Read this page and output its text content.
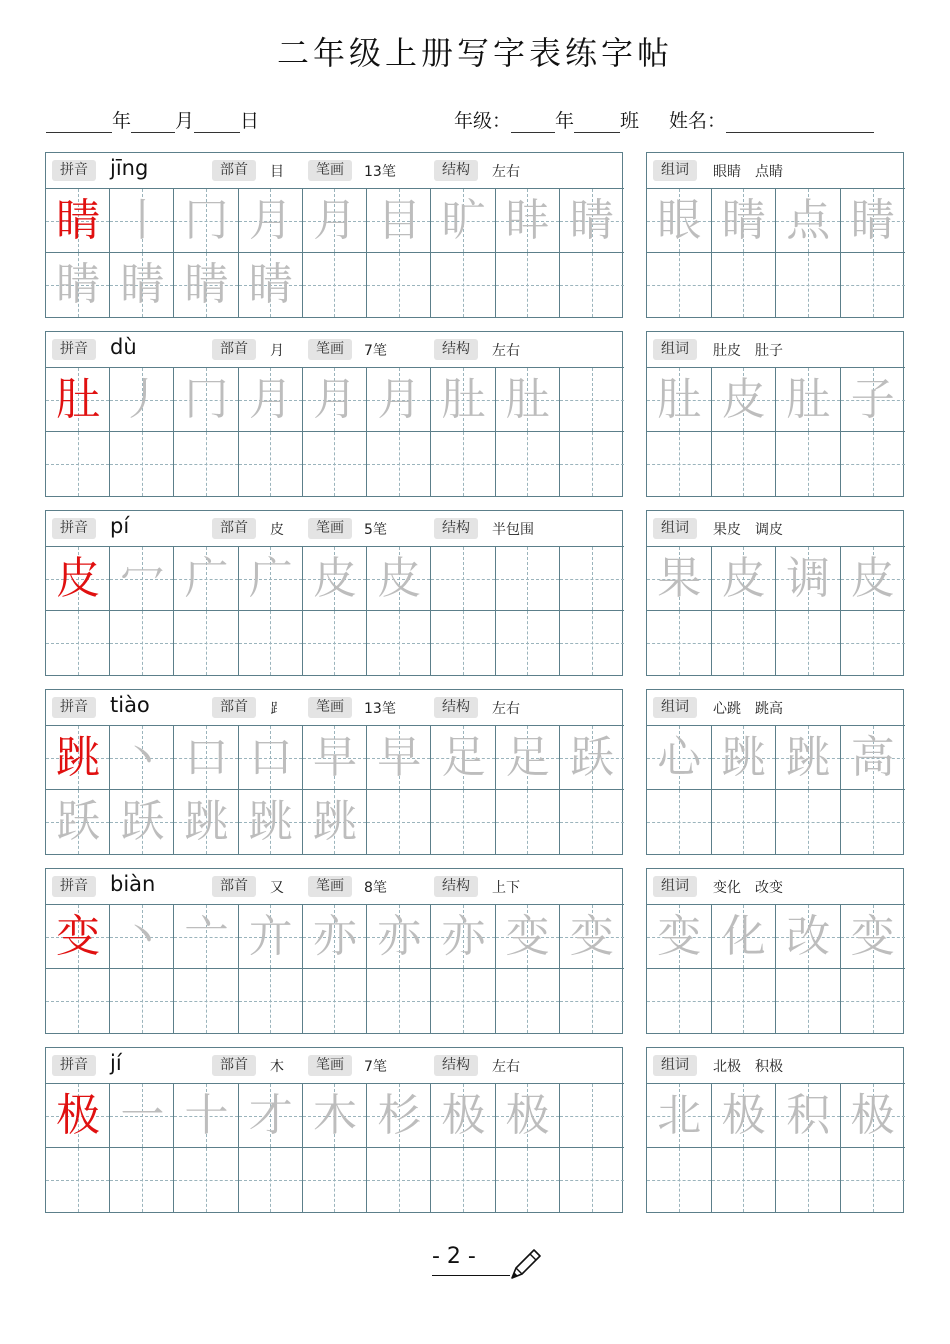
二年级上册写字表练字帖
年 月 日	年级： 年 班 姓名：
拼音	jīng	部首	目	笔画	13笔	结构	左右
睛 丨 冂 月 月 目 旷 盽 睛
睛 睛 睛 睛
组词	眼睛　点睛
眼 睛 点 睛
拼音	dù	部首	月	笔画	7笔	结构	左右
肚 丿 冂 月 月 月 肚 肚
组词	肚皮　肚子
肚 皮 肚 子
拼音	pí	部首	皮	笔画	5笔	结构	半包围
皮 冖 广 广 皮 皮
组词	果皮　调皮
果 皮 调 皮
拼音	tiào	部首	⻊	笔画	13笔	结构	左右
跳 丶 口 口 早 早 足 足 跃
跃 跃 跳 跳 跳
组词	心跳　跳高
心 跳 跳 高
拼音	biàn	部首	又	笔画	8笔	结构	上下
变 丶 亠 亣 亦 亦 亦 变 变
组词	变化　改变
变 化 改 变
拼音	jí	部首	木	笔画	7笔	结构	左右
极 一 十 才 木 杉 极 极
组词	北极　积极
北 极 积 极
- 2 -
